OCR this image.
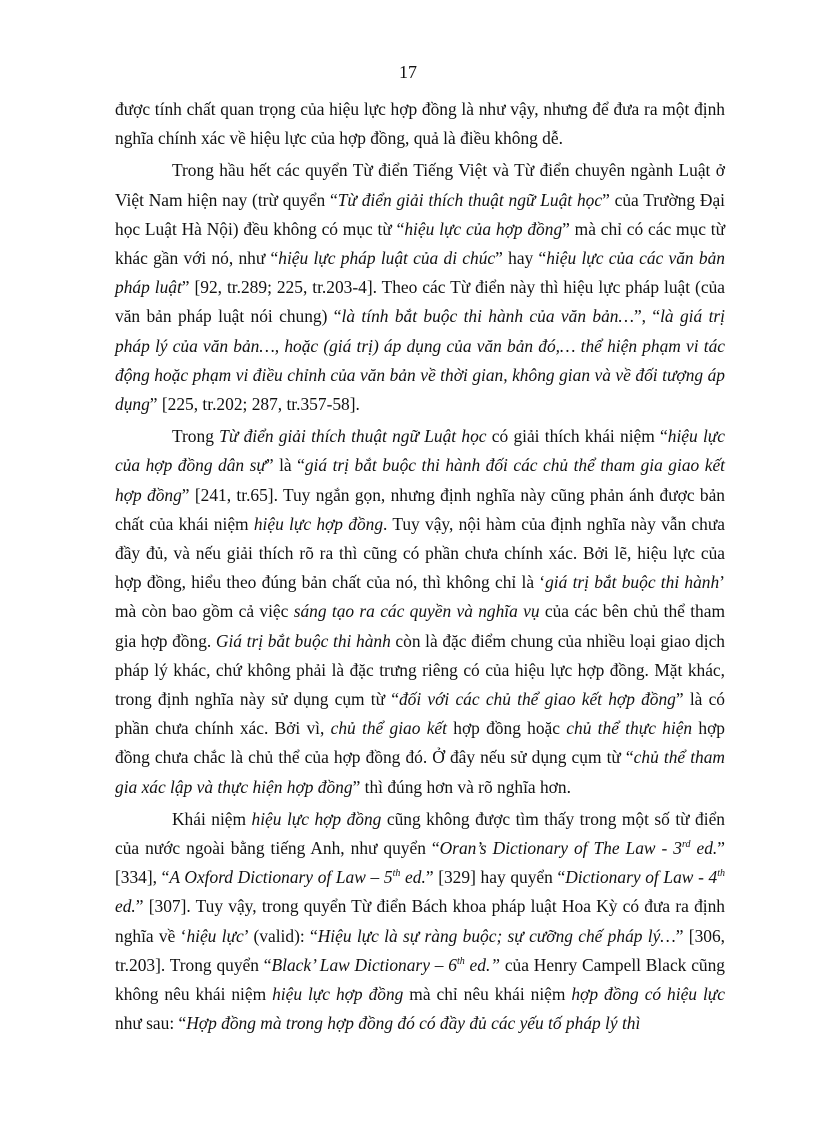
17

được tính chất quan trọng của hiệu lực hợp đồng là như vậy, nhưng để đưa ra một định nghĩa chính xác về hiệu lực của hợp đồng, quả là điều không dễ.

Trong hầu hết các quyển Từ điển Tiếng Việt và Từ điển chuyên ngành Luật ở Việt Nam hiện nay (trừ quyển “Từ điển giải thích thuật ngữ Luật học” của Trường Đại học Luật Hà Nội) đều không có mục từ “hiệu lực của hợp đồng” mà chỉ có các mục từ khác gần với nó, như “hiệu lực pháp luật của di chúc” hay “hiệu lực của các văn bản pháp luật” [92, tr.289; 225, tr.203-4]. Theo các Từ điển này thì hiệu lực pháp luật (của văn bản pháp luật nói chung) “là tính bắt buộc thi hành của văn bản…”, “là giá trị pháp lý của văn bản…, hoặc (giá trị) áp dụng của văn bản đó,… thể hiện phạm vi tác động hoặc phạm vi điều chỉnh của văn bản về thời gian, không gian và về đối tượng áp dụng” [225, tr.202; 287, tr.357-58].

Trong Từ điển giải thích thuật ngữ Luật học có giải thích khái niệm “hiệu lực của hợp đồng dân sự” là “giá trị bắt buộc thi hành đối các chủ thể tham gia giao kết hợp đồng” [241, tr.65]. Tuy ngắn gọn, nhưng định nghĩa này cũng phản ánh được bản chất của khái niệm hiệu lực hợp đồng. Tuy vậy, nội hàm của định nghĩa này vẫn chưa đầy đủ, và nếu giải thích rõ ra thì cũng có phần chưa chính xác. Bởi lẽ, hiệu lực của hợp đồng, hiểu theo đúng bản chất của nó, thì không chỉ là ‘giá trị bắt buộc thi hành’ mà còn bao gồm cả việc sáng tạo ra các quyền và nghĩa vụ của các bên chủ thể tham gia hợp đồng. Giá trị bắt buộc thi hành còn là đặc điểm chung của nhiều loại giao dịch pháp lý khác, chứ không phải là đặc trưng riêng có của hiệu lực hợp đồng. Mặt khác, trong định nghĩa này sử dụng cụm từ “đối với các chủ thể giao kết hợp đồng” là có phần chưa chính xác. Bởi vì, chủ thể giao kết hợp đồng hoặc chủ thể thực hiện hợp đồng chưa chắc là chủ thể của hợp đồng đó. Ở đây nếu sử dụng cụm từ “chủ thể tham gia xác lập và thực hiện hợp đồng” thì đúng hơn và rõ nghĩa hơn.

Khái niệm hiệu lực hợp đồng cũng không được tìm thấy trong một số từ điển của nước ngoài bằng tiếng Anh, như quyển “Oran’s Dictionary of The Law - 3rd ed.” [334], “A Oxford Dictionary of Law – 5th ed.” [329] hay quyển “Dictionary of Law - 4th ed.” [307]. Tuy vậy, trong quyển Từ điển Bách khoa pháp luật Hoa Kỳ có đưa ra định nghĩa về ‘hiệu lực’ (valid): “Hiệu lực là sự ràng buộc; sự cưỡng chế pháp lý…” [306, tr.203]. Trong quyển “Black’ Law Dictionary – 6th ed.” của Henry Campell Black cũng không nêu khái niệm hiệu lực hợp đồng mà chỉ nêu khái niệm hợp đồng có hiệu lực như sau: “Hợp đồng mà trong hợp đồng đó có đầy đủ các yếu tố pháp lý thì
